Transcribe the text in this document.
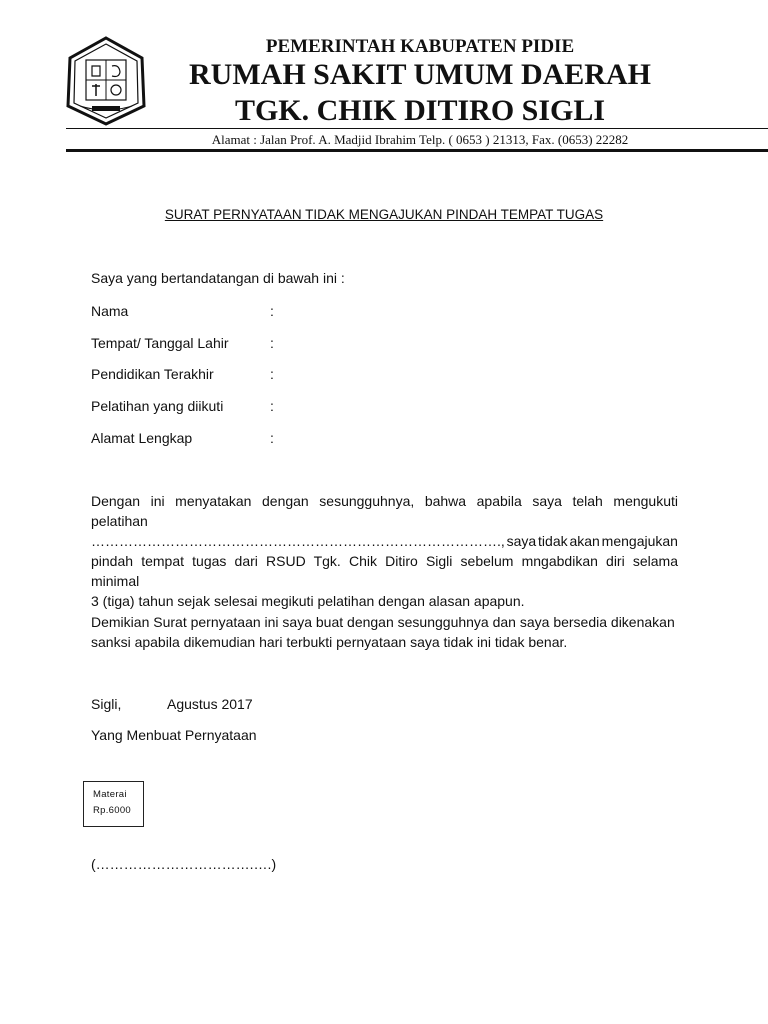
PEMERINTAH KABUPATEN PIDIE
RUMAH SAKIT UMUM DAERAH
TGK. CHIK DITIRO SIGLI
Alamat : Jalan Prof. A. Madjid Ibrahim Telp. ( 0653 ) 21313, Fax. (0653) 22282
SURAT PERNYATAAN TIDAK MENGAJUKAN PINDAH TEMPAT TUGAS
Saya yang bertandatangan di bawah ini :
Nama	:
Tempat/ Tanggal Lahir	:
Pendidikan Terakhir	:
Pelatihan yang diikuti	:
Alamat Lengkap	:

Dengan ini menyatakan dengan sesungguhnya, bahwa apabila saya telah mengukuti pelatihan

……………………………………………………………………………., saya tidak akan mengajukan

pindah tempat tugas dari RSUD Tgk. Chik Ditiro Sigli sebelum mngabdikan diri selama minimal

3 (tiga) tahun sejak selesai megikuti pelatihan dengan alasan apapun.

Demikian Surat pernyataan ini saya buat dengan sesungguhnya dan saya bersedia dikenakan

sanksi apabila dikemudian hari terbukti pernyataan saya tidak ini tidak benar.

Sigli,	Agustus 2017
Yang Menbuat Pernyataan
Materai
Rp.6000
(…………………………….….)
